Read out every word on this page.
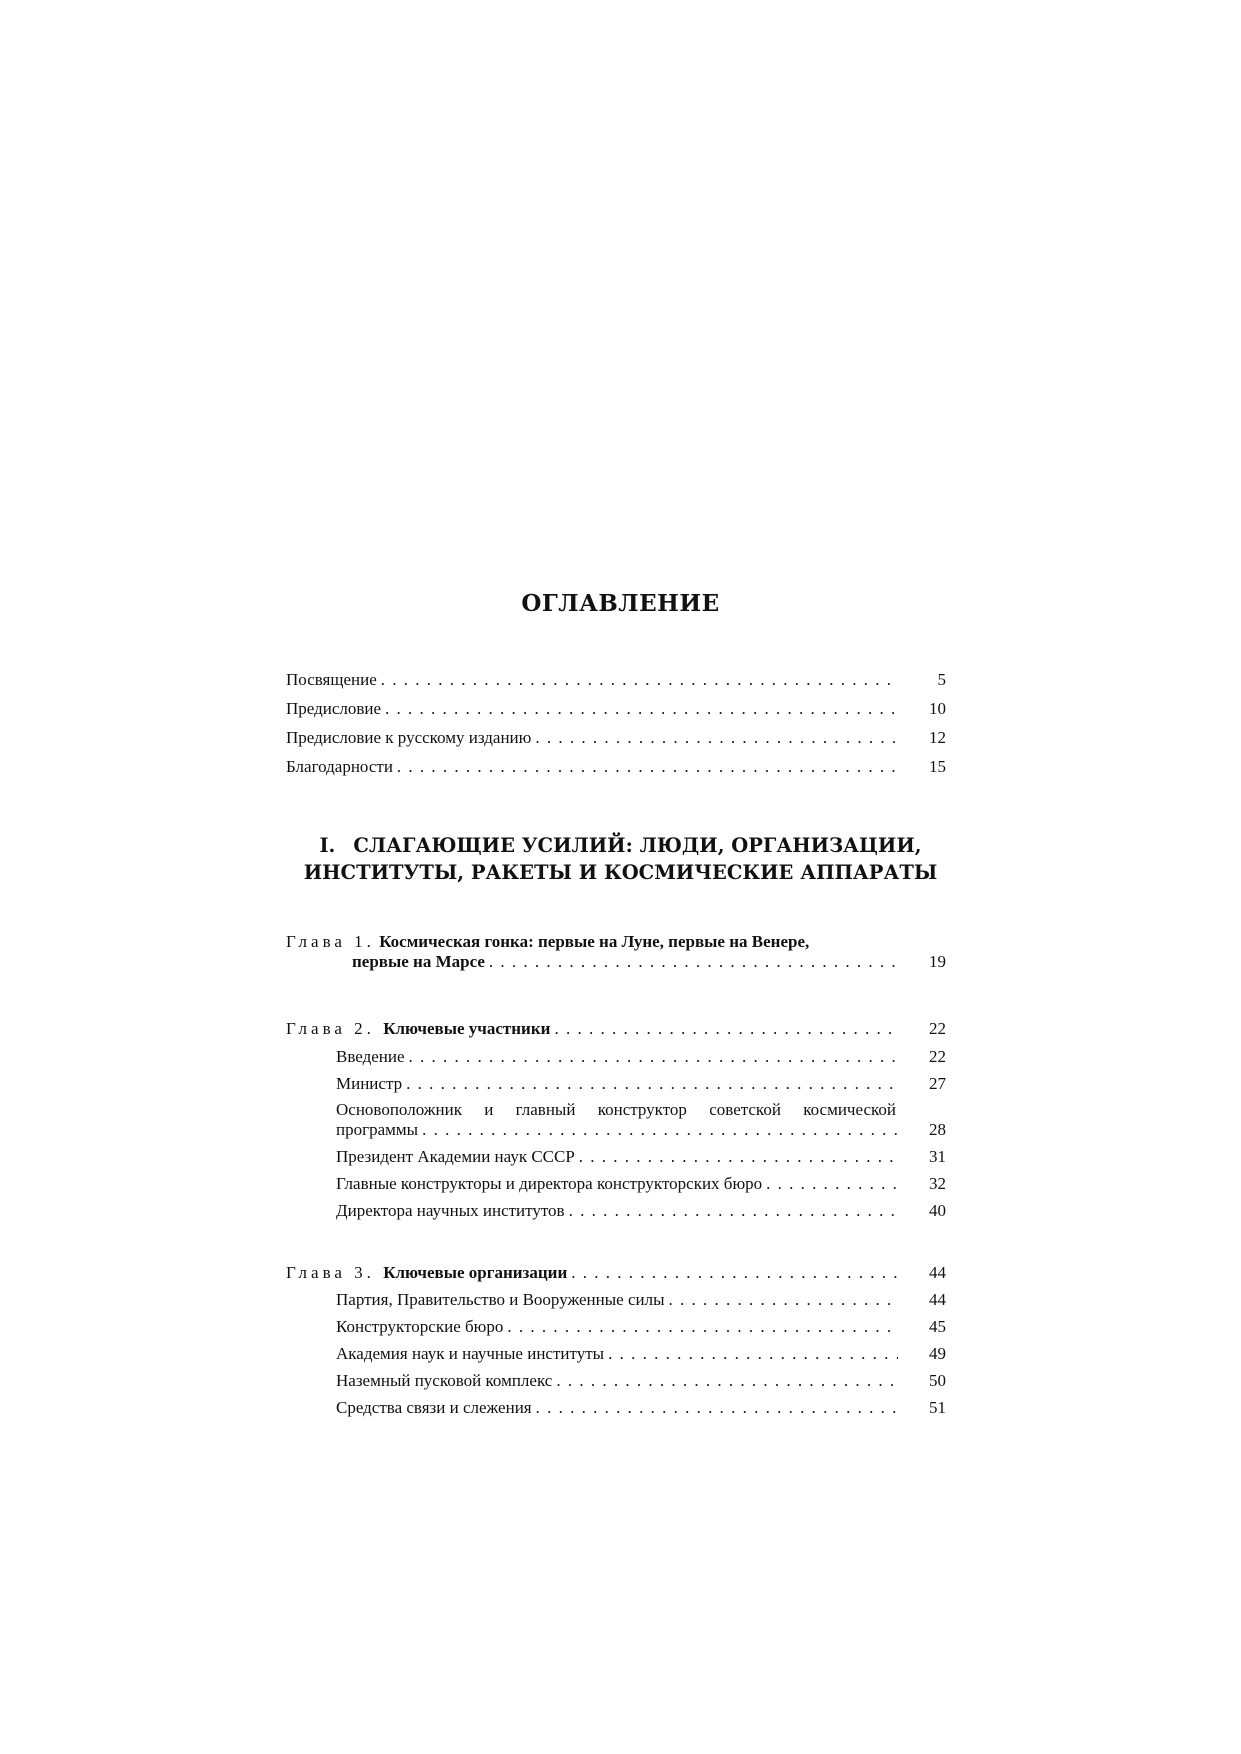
ОГЛАВЛЕНИЕ
Посвящение . . .	5
Предисловие . . .	10
Предисловие к русскому изданию . . .	12
Благодарности . . .	15
I. СЛАГАЮЩИЕ УСИЛИЙ: ЛЮДИ, ОРГАНИЗАЦИИ,
ИНСТИТУТЫ, РАКЕТЫ И КОСМИЧЕСКИЕ АППАРАТЫ
Глава 1. Космическая гонка: первые на Луне, первые на Венере,
первые на Марсе . . .	19
Глава 2. Ключевые участники . . .	22
Введение . . .	22
Министр . . .	27
Основоположник и главный конструктор советской космической
программы . . .	28
Президент Академии наук СССР . . .	31
Главные конструкторы и директора конструкторских бюро . . .	32
Директора научных институтов . . .	40
Глава 3. Ключевые организации . . .	44
Партия, Правительство и Вооруженные силы . . .	44
Конструкторские бюро . . .	45
Академия наук и научные институты . . .	49
Наземный пусковой комплекс . . .	50
Средства связи и слежения . . .	51
